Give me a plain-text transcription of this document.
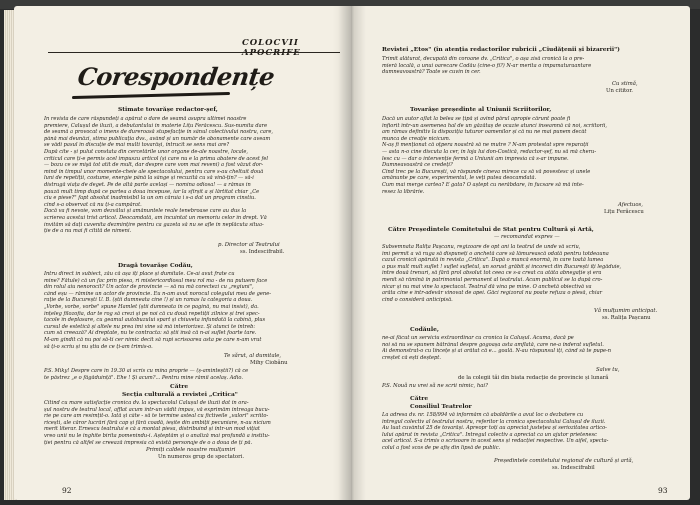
COLOCVII APOCRIFE
Corespondențe
Stimate tovarășe redactor-șef,
În revista de care răspundeți a apărut o dare de seamă asupra ultimei noastre
premiere, Calușul de iluzii, a debutantului în materie Lițu Ferăcescu. Sus-numita dare
de seamă a provocat o imens de dureroasă stupefacție în sânul colectivului nostru, care,
până mai deunăzi, stima publicația dvs., având și un număr de abonamente care aveam
se vădi pasul în discuție de mai multi tovarăși, întrucît se sens mai are?
După cite - și pulut constata din cercetările unor organe de-ale noastre, locale,
criticul care ți-e permis acel impuszu articol (și care nu e la primu abatere de acest fel
— bozu ce se mişă tot atît de mult, dar despre care vom mai reveni) a fost văzut dor-
mind în timpul unor momente-cheie ale spectacolului, pentru care s-au cheltuit două
luni de repetiții, costume, energie până la sânge și recuzită cu să vină-țin? — să-i
distrugă viața de deget. Pe de altă parte același — nomina odiosa! — a rămas in
pauză mult timp după ce partea a doua începuse, iar la sfîrșit a și lărtitat chiar „Ce
ciu e piese?" fapt absolut inadmisibil la un om căruia i s-a dat un program cinstiu.
cînd s-a observat că nu ți-a cumpărat.
Dacă va fi nevoie, vom dezvălui și amănuntele reale tenebroase care au dus la
scrierea acestui trist articol. Deocamdată, am încuintat un memoriu celor în drept. Vă
invităm să dați cuvenita dezmințire pentru ca gazeta să nu se afle în neplăcuta situa-
ție de a nu mai fi citită de nimeni.
p. Director al Teatrului
ss. Indescifrabil.
Dragă tovarășe Codău,
Intru direct in subiect, zău că așa îți place și dumitale. Ce-ai avut frate cu
mine? Fătule) că un fac prin piesa, ri mistericordiosul meu rol ma - de nu putuem face
din rolul aiu nenorocit? Un actor de provincie — să nu mă corectezi cu „regiuni",
când eșu — rămîne un actor de provincie. Eu n-am avut norocul colegului meu de gene-
rație de la București U. B. (știi dumneata cine !) și un ramas la categoria a doua.
„Vorbe, vorbe, vorbe" spune Hamlet (știi dumneata în ce pagină, nu mai insist), da.
înțeleg filozofia, dar te rog să crezi și pe noi că cu două repetiții zilnice și trei spec-
tacole în deplasare, cu geamul autobuzului spart și chiuveta infundată la cabină, plus
cursul de estetică și altele nu prea îmi vine să mă interiorizez. Și atunci te întreb:
cum să creează? Ai dreptate, nu te contracta: să știi însă că n-ai suflet foarte tare.
M-am gîndit că nu poi să-ti cer nimic decît să rupi scrisoarea asta pe care n-am vrut
să ți-o scriu și nu știu de ce ți-am trimis-o.
Te sărut, al dumitale,
Mihy Ciobânu
P.S. Miky! Despre care în 19.30 ai scris cu mîna proprie — (ș-aminteștii?) că ce
te păstrez „e o făgăduință". Ehe ! Și acum?... Pentru mine rămîi acelaș. Adio.
Către
Secția culturală a revistei „Critica"
Citind cu mare satisfacție cronica dv. la spectacolul Calușul de iluzii dat în ora-
șul nostru de teatrul local, afflat acum într-un vădit impas, vă exprimăm întreaga bucu-
rie pe care am resimțit-o. Iată și câte - să te termine asteal cu fictiveile „valori" scriito-
ricești, ale căror lucrări fără cap și fără coadă, ieșite din ambiții pecuniare, n-au nicium
merit literar. Ernescu teatrului e că a montat piesa, distribuind și într-un mod vițiat
vreo unii nu le înghite birita pomenindu-i. Așteptăm și o analiză mai profundă a institu-
ției pentru că altfel se creează impresia că există personaje de o a doua de ți pă.
Primiți caldele noastre mulțumiri
Un numeros grup de spectatori.
92
Revistei „Etos" (în atenția redactorilor rubricii „Ciudățenii și bizarerii")
Trimit alăturat, decupată din coroane dv. „Critica", o așa zisă cronică la o pre-
mieră locală, a unui oarecare Codău (cine-o fi?) N-ar merita o impamaturaantare
dumneavoastră? Toate se cuvin în cer.
Cu stimă,
Un cititor.
Tovarășe președinte al Uniunii Scriitorilor,
Dacă un autor aflat la belea se țipă și avînd părul apropie cărunt poate fi
înfiorit într-un asemenea hal de un găzătaș de ocazie atunci înseamnă că noi, scriitorii,
am rămas definitiv la dispoziția tuturor oamenilor și că nu ne mai punem decât
munca de creație nicicum.
N-aș fi menționat că oțpera noastră să ne mutre ? N-am protestat spre reparații
— asta n-o cine discuta la cer, în loja lui don-Costică, redactor-șef, nu să mă cheru-
lesc cu — dar o intervenție fermă a Uniunii am impresia că s-ar impune.
Dumneavoastră ce credeți?
Cînd trec pe la București, vă răspunde cineva mireze ca să vă povestesc și unele
amănunte pe care, experimentul, le veți putea deocamdată.
Cum mai merge cartea? E gata? O aștept cu nerăbdare, în fucsare să mă inte-
resez la librărie.
Afectuos,
Lițu Ferăcescu
Către Președintele Comitetului de Stat pentru Cultură și Artă,
— recomandat expres —
Subsemnata Ralița Pașcanu, regizoare de opt ani la teatrul de unde vă scriu,
îmi permit a vă ruga să dispuneți o anchetă care să lămurească odată pentru totdeauna
cazul cronicii apărută în revista „Critica". După o muncă enormă, în care toată lumea
a pus mult mult suflet ! suflet sufletul, un sorust grăbit și incorect din București îți legăduie,
între două trenuri, să fără prol absolut tot ceea ce s-a creat cu atâta abnegație și era
menit să rămînă în patrimoniul permanent al teatrului. Acum publicul se la după cro-
nicar și nu mai vine la spectacol. Teatrul dă vina pe mine. O anchetă obiectivă va
arăta cine e într-adevăr vinovat de apei. Găci regizoral nu poate refuza o piesă, chiar
cînd o consideră anticipisă.
Vă mulțumim anticipat.
ss. Ralița Pașcanu
Codăule,
ne-ai făcut un serviciu extraordinar cu cronica la Calușul. Acuma, dacă pe
noi să nu se spunem bătrânul despre gogoașa asta amflată, care ne-a înderat sufletul.
Ai demonstrat-o cu lîncețe și ai arătat că e... goală. N-au răspunsul iți, când să te pupe-n
creștet că ești deștept.
Salve tu,
de la colegii tăi din biata redacție de provincie și lunară
P.S. Nouă nu vrei să ne scrii nimic, hai?
Către
Consiliul Teatrelor
La adresa dv. nr. 158/994 vă informăm că abaldările a avut loc o dezbatere cu
întregul colectiv al teatrului nostru, referitor la cronica spectacolului Calușul de iluzii.
Au luat cuvântul 25 de tovarăși. Apreopr toți au apreciat justețea și seriozitatea artico-
lului apărut în revista „Critica". Întregul colectiv a apreciat ca un ajutor prietenesc
acel articol. S-a trimis o scrisoare în acest sens și redacției respective. Un aifel, specta-
colul a fost scos de pe afiș din lipsă de public.
Președintele comitetului regional de cultură și artă,
ss. Indescifrabil
93
